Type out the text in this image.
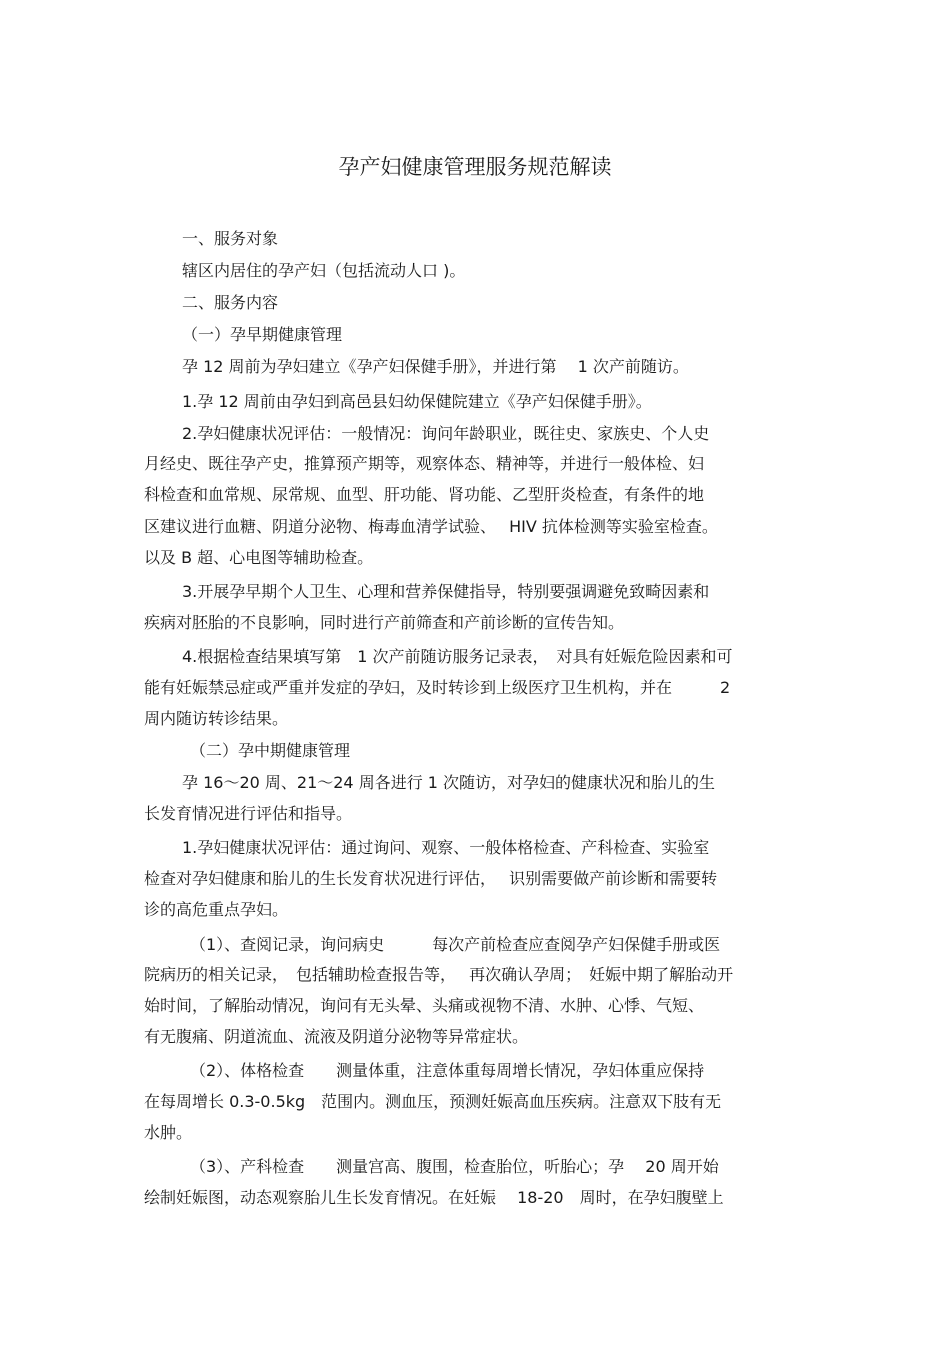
孕产妇健康管理服务规范解读
一、服务对象
辖区内居住的孕产妇（包括流动人口 )。
二、服务内容
（一）孕早期健康管理
孕 12 周前为孕妇建立《孕产妇保健手册》，并进行第　 1 次产前随访。
1.孕 12 周前由孕妇到高邑县妇幼保健院建立《孕产妇保健手册》。
2.孕妇健康状况评估：一般情况：询问年龄职业，既往史、家族史、个人史
月经史、既往孕产史，推算预产期等，观察体态、精神等，并进行一般体检、妇
科检查和血常规、尿常规、血型、肝功能、肾功能、乙型肝炎检查，有条件的地
区建议进行血糖、阴道分泌物、梅毒血清学试验、　 HIV 抗体检测等实验室检查。
以及 B 超、心电图等辅助检查。
3.开展孕早期个人卫生、心理和营养保健指导，特别要强调避免致畸因素和
疾病对胚胎的不良影响，同时进行产前筛查和产前诊断的宣传告知。
4.根据检查结果填写第　1 次产前随访服务记录表，　对具有妊娠危险因素和可
能有妊娠禁忌症或严重并发症的孕妇，及时转诊到上级医疗卫生机构，并在　　　2
周内随访转诊结果。
（二）孕中期健康管理
孕 16～20 周、21～24 周各进行 1 次随访，对孕妇的健康状况和胎儿的生
长发育情况进行评估和指导。
1.孕妇健康状况评估：通过询问、观察、一般体格检查、产科检查、实验室
检查对孕妇健康和胎儿的生长发育状况进行评估，　 识别需要做产前诊断和需要转
诊的高危重点孕妇。
（1）、查阅记录，询问病史　　　每次产前检查应查阅孕产妇保健手册或医
院病历的相关记录，　包括辅助检查报告等，　 再次确认孕周；　妊娠中期了解胎动开
始时间，了解胎动情况，询问有无头晕、头痛或视物不清、水肿、心悸、气短、
有无腹痛、阴道流血、流液及阴道分泌物等异常症状。
（2）、体格检查　　测量体重，注意体重每周增长情况，孕妇体重应保持
在每周增长 0.3-0.5kg　范围内。测血压，预测妊娠高血压疾病。注意双下肢有无
水肿。
（3）、产科检查　　测量宫高、腹围，检查胎位，听胎心；孕　 20 周开始
绘制妊娠图，动态观察胎儿生长发育情况。在妊娠　 18-20　周时，在孕妇腹壁上
